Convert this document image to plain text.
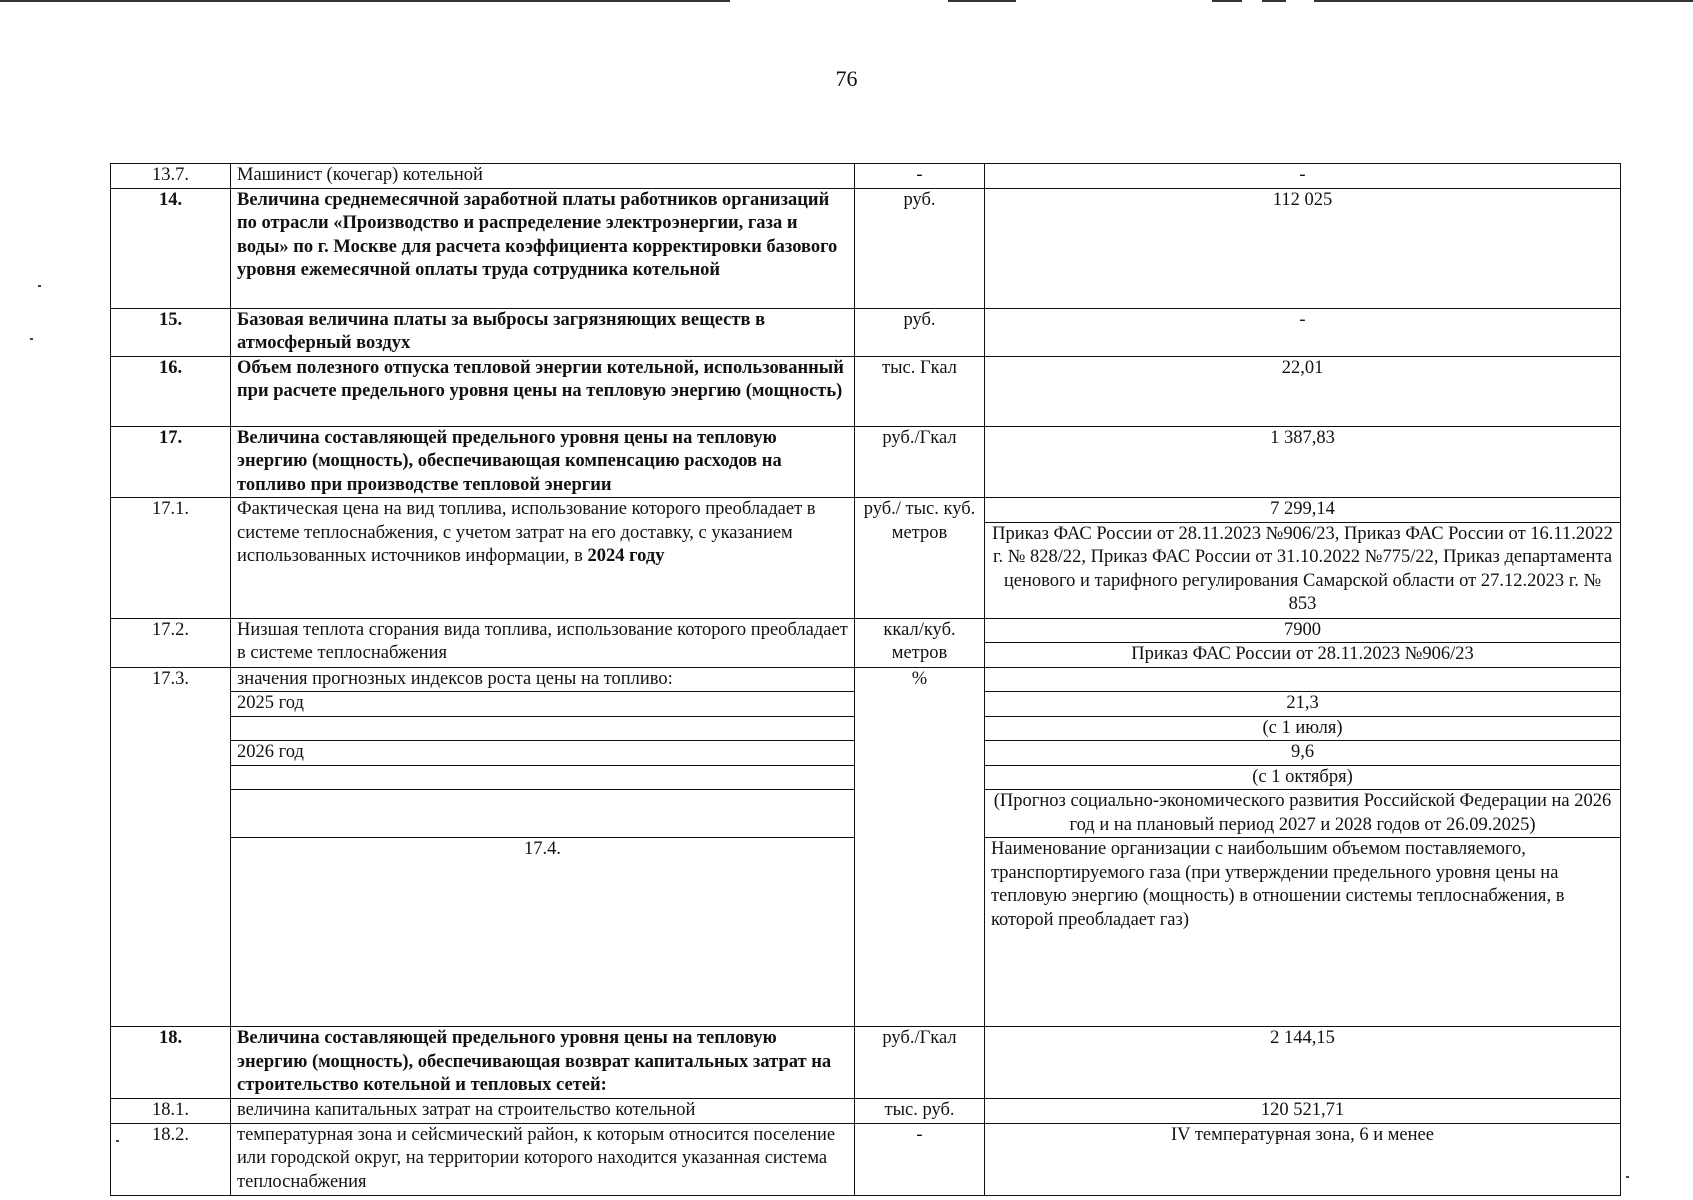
76
13.7.	Машинист (кочегар) котельной	-	-	
14.	Величина среднемесячной заработной платы работников организаций по отрасли «Производство и распределение электроэнергии, газа и воды» по г. Москве для расчета коэффициента корректировки базового уровня ежемесячной оплаты труда сотрудника котельной	руб.	112 025	
15.	Базовая величина платы за выбросы загрязняющих веществ в атмосферный воздух	руб.	-	
16.	Объем полезного отпуска тепловой энергии котельной, использованный при расчете предельного уровня цены на тепловую энергию (мощность)	тыс. Гкал	22,01	
17.	Величина составляющей предельного уровня цены на тепловую энергию (мощность), обеспечивающая компенсацию расходов на топливо при производстве тепловой энергии	руб./Гкал	1 387,83	
17.1.	Фактическая цена на вид топлива, использование которого преобладает в системе теплоснабжения, с учетом затрат на его доставку, с указанием использованных источников информации, в 2024 году	руб./ тыс. куб. метров	7 299,14	
			Приказ ФАС России от 28.11.2023 №906/23, Приказ ФАС России от 16.11.2022 г. № 828/22, Приказ ФАС России от 31.10.2022 №775/22, Приказ департамента ценового и тарифного регулирования Самарской области от 27.12.2023 г. № 853	
17.2.	Низшая теплота сгорания вида топлива, использование которого преобладает в системе теплоснабжения	ккал/куб. метров	7900	
			Приказ ФАС России от 28.11.2023 №906/23	
17.3.	значения прогнозных индексов роста цены на топливо:	%		
	2025 год		21,3	
			(с 1 июля)	
	2026 год		9,6	
			(с 1 октября)	
			(Прогноз социально-экономического развития Российской Федерации на 2026 год и на плановый период 2027 и 2028 годов от 26.09.2025)	
	17.4.		Наименование организации с наибольшим объемом поставляемого, транспортируемого газа (при утверждении предельного уровня цены на тепловую энергию (мощность) в отношении системы теплоснабжения, в которой преобладает газ)		
18.	Величина составляющей предельного уровня цены на тепловую энергию (мощность), обеспечивающая возврат капитальных затрат на строительство котельной и тепловых сетей:	руб./Гкал	2 144,15	
18.1.	величина капитальных затрат на строительство котельной	тыс. руб.	120 521,71	
18.2.	температурная зона и сейсмический район, к которым относится поселение или городской округ, на территории которого находится указанная система теплоснабжения	-	IV температурная зона, 6 и менее	
